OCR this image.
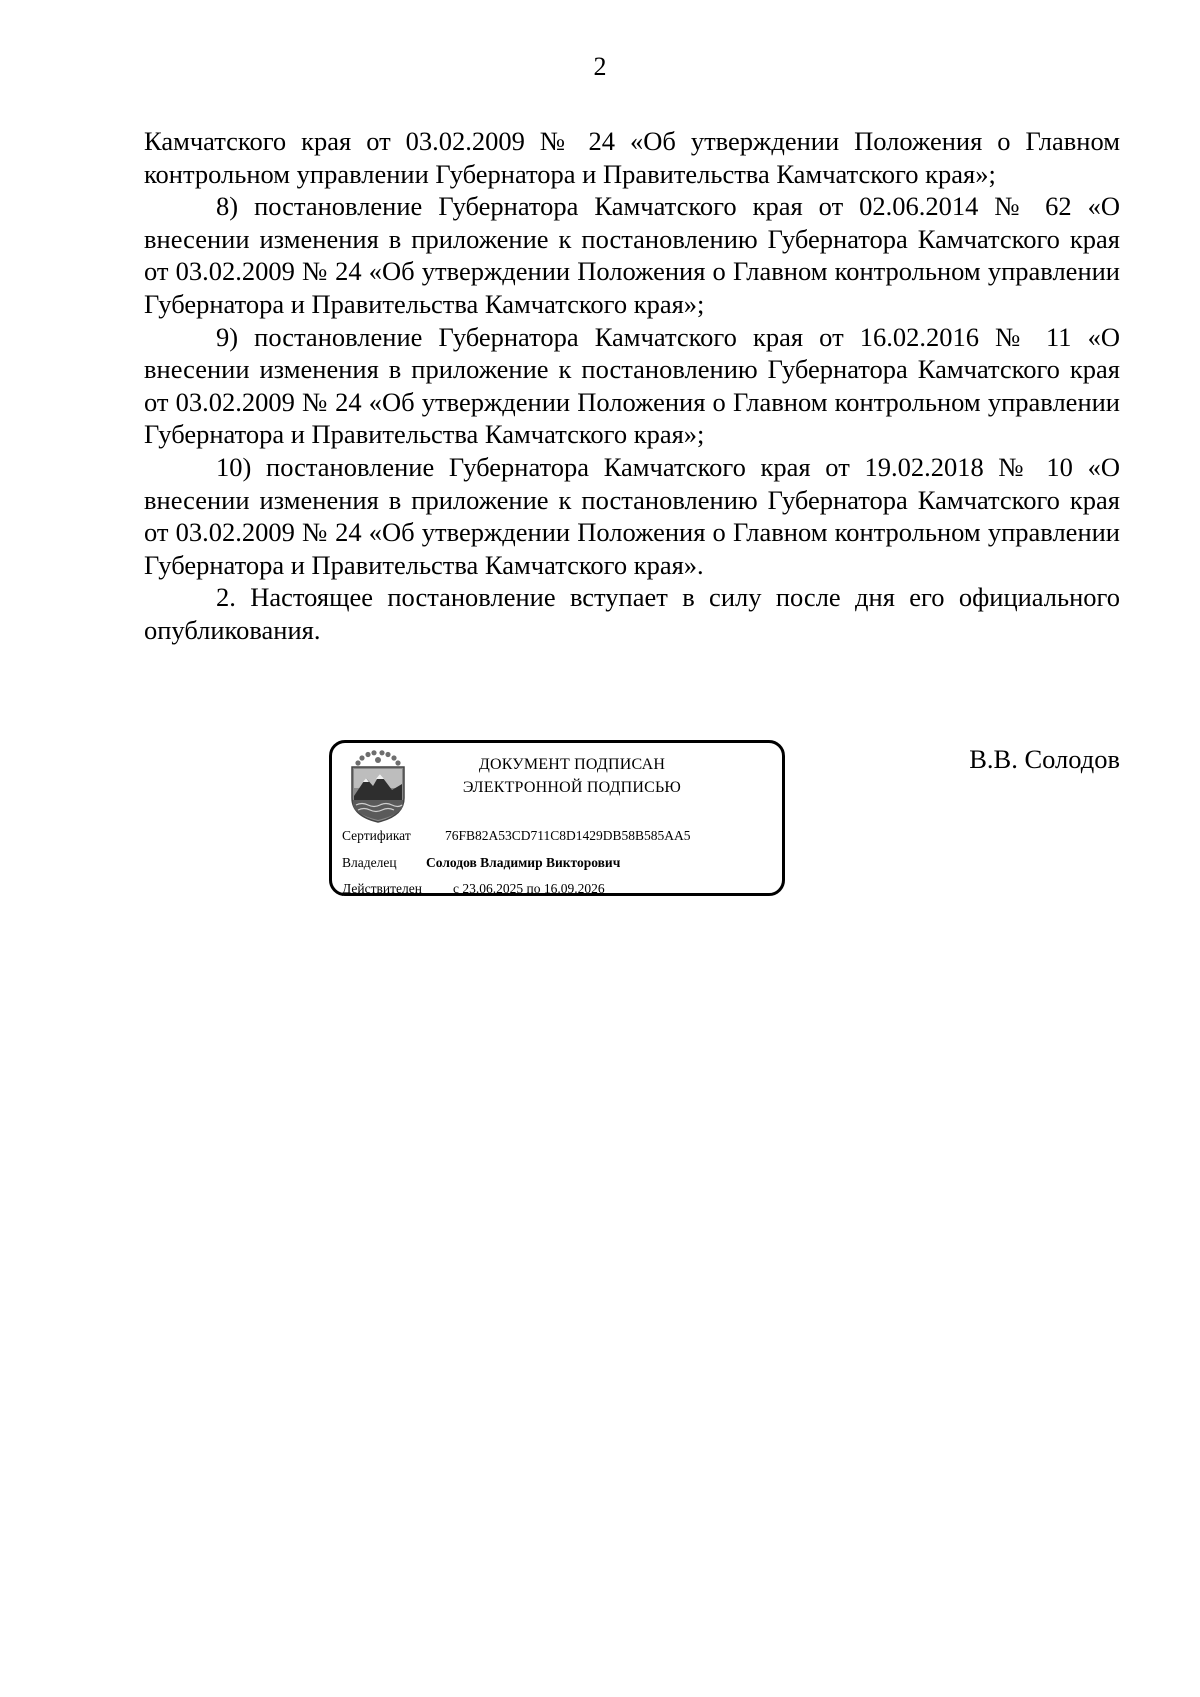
2

Камчатского края от 03.02.2009 № 24 «Об утверждении Положения о Главном контрольном управлении Губернатора и Правительства Камчатского края»;

8) постановление Губернатора Камчатского края от 02.06.2014 № 62 «О внесении изменения в приложение к постановлению Губернатора Камчатского края от 03.02.2009 № 24 «Об утверждении Положения о Главном контрольном управлении Губернатора и Правительства Камчатского края»;

9) постановление Губернатора Камчатского края от 16.02.2016 № 11 «О внесении изменения в приложение к постановлению Губернатора Камчатского края от 03.02.2009 № 24 «Об утверждении Положения о Главном контрольном управлении Губернатора и Правительства Камчатского края»;

10) постановление Губернатора Камчатского края от 19.02.2018 № 10 «О внесении изменения в приложение к постановлению Губернатора Камчатского края от 03.02.2009 № 24 «Об утверждении Положения о Главном контрольном управлении Губернатора и Правительства Камчатского края».

2. Настоящее постановление вступает в силу после дня его официального опубликования.

ДОКУМЕНТ ПОДПИСАН
ЭЛЕКТРОННОЙ ПОДПИСЬЮ
Сертификат	76FB82A53CD711C8D1429DB58B585AA5
Владелец Солодов Владимир Викторович
Действителен с 23.06.2025 по 16.09.2026
В.В. Солодов
